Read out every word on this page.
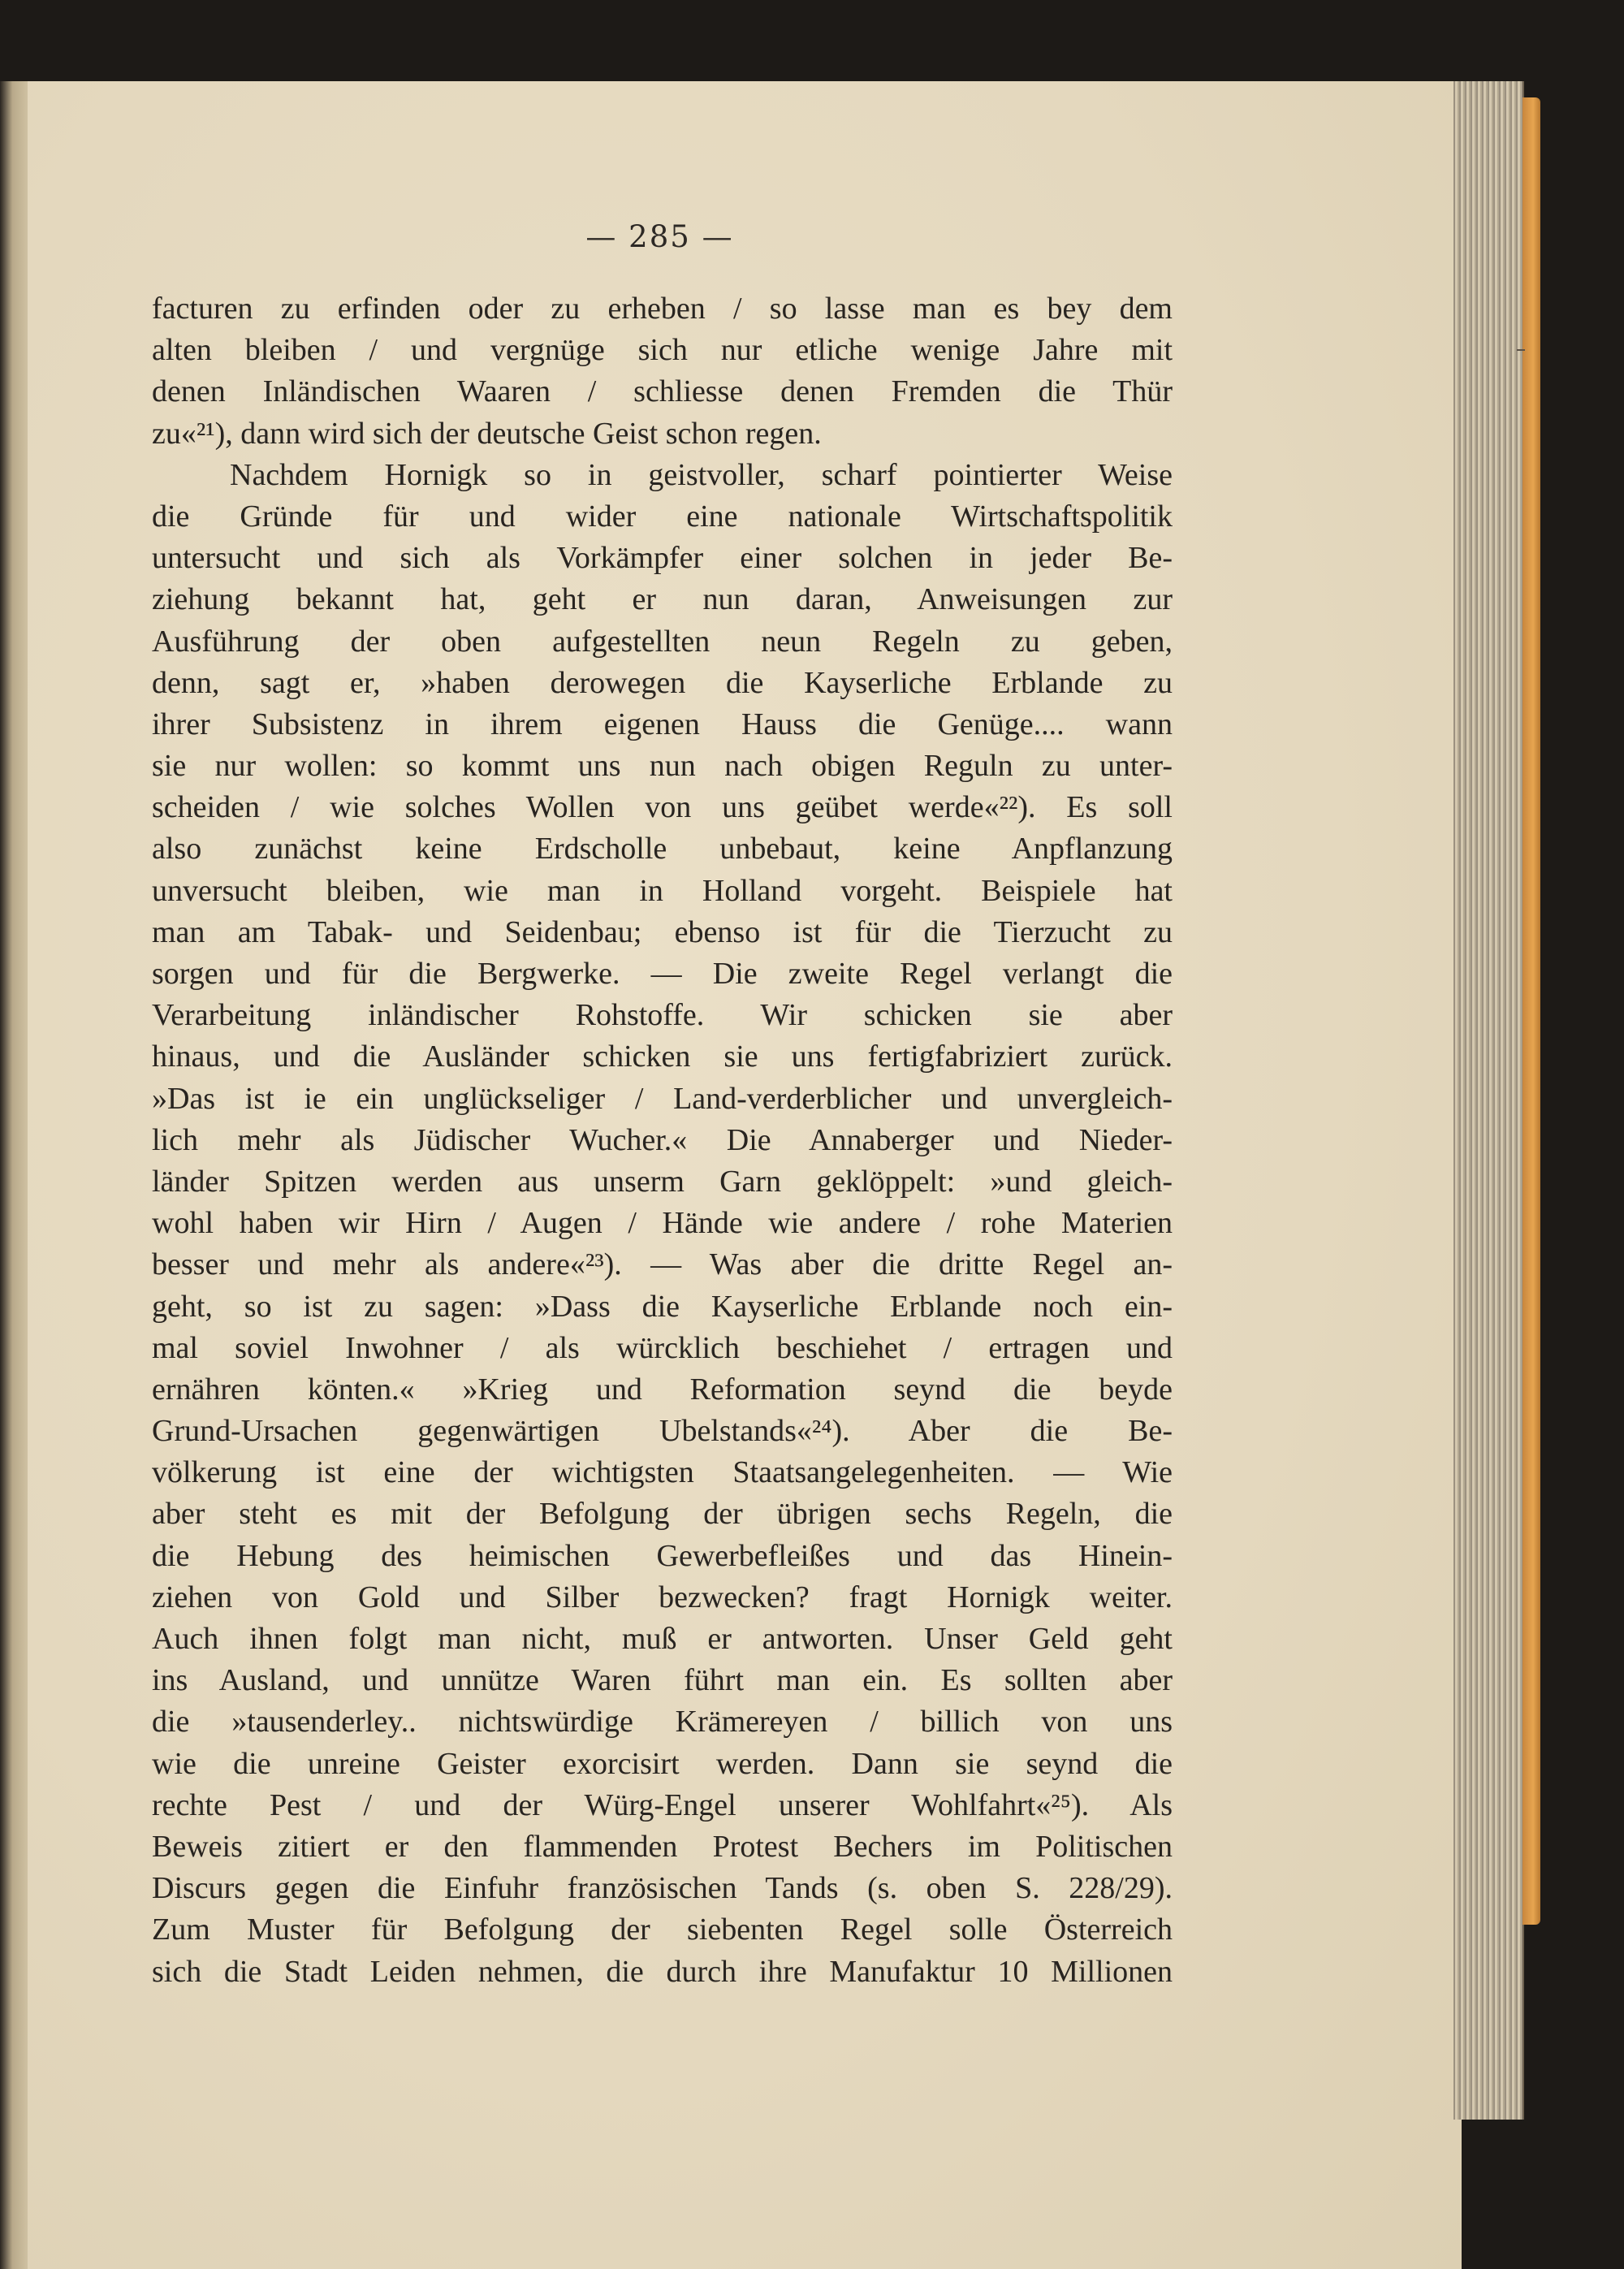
— 285 —
facturen zu erfinden oder zu erheben / so lasse man es bey dem
alten bleiben / und vergnüge sich nur etliche wenige Jahre mit
denen Inländischen Waaren / schliesse denen Fremden die Thür
zu«²¹), dann wird sich der deutsche Geist schon regen.
Nachdem Hornigk so in geistvoller, scharf pointierter Weise
die Gründe für und wider eine nationale Wirtschaftspolitik
untersucht und sich als Vorkämpfer einer solchen in jeder Be-
ziehung bekannt hat, geht er nun daran, Anweisungen zur
Ausführung der oben aufgestellten neun Regeln zu geben,
denn, sagt er, »haben derowegen die Kayserliche Erblande zu
ihrer Subsistenz in ihrem eigenen Hauss die Genüge.... wann
sie nur wollen: so kommt uns nun nach obigen Reguln zu unter-
scheiden / wie solches Wollen von uns geübet werde«²²). Es soll
also zunächst keine Erdscholle unbebaut, keine Anpflanzung
unversucht bleiben, wie man in Holland vorgeht. Beispiele hat
man am Tabak- und Seidenbau; ebenso ist für die Tierzucht zu
sorgen und für die Bergwerke. — Die zweite Regel verlangt die
Verarbeitung inländischer Rohstoffe. Wir schicken sie aber
hinaus, und die Ausländer schicken sie uns fertigfabriziert zurück.
»Das ist ie ein unglückseliger / Land-verderblicher und unvergleich-
lich mehr als Jüdischer Wucher.« Die Annaberger und Nieder-
länder Spitzen werden aus unserm Garn geklöppelt: »und gleich-
wohl haben wir Hirn / Augen / Hände wie andere / rohe Materien
besser und mehr als andere«²³). — Was aber die dritte Regel an-
geht, so ist zu sagen: »Dass die Kayserliche Erblande noch ein-
mal soviel Inwohner / als würcklich beschiehet / ertragen und
ernähren könten.« »Krieg und Reformation seynd die beyde
Grund-Ursachen gegenwärtigen Ubelstands«²⁴). Aber die Be-
völkerung ist eine der wichtigsten Staatsangelegenheiten. — Wie
aber steht es mit der Befolgung der übrigen sechs Regeln, die
die Hebung des heimischen Gewerbefleißes und das Hinein-
ziehen von Gold und Silber bezwecken? fragt Hornigk weiter.
Auch ihnen folgt man nicht, muß er antworten. Unser Geld geht
ins Ausland, und unnütze Waren führt man ein. Es sollten aber
die »tausenderley.. nichtswürdige Krämereyen / billich von uns
wie die unreine Geister exorcisirt werden. Dann sie seynd die
rechte Pest / und der Würg-Engel unserer Wohlfahrt«²⁵). Als
Beweis zitiert er den flammenden Protest Bechers im Politischen
Discurs gegen die Einfuhr französischen Tands (s. oben S. 228/29).
Zum Muster für Befolgung der siebenten Regel solle Österreich
sich die Stadt Leiden nehmen, die durch ihre Manufaktur 10 Millionen
